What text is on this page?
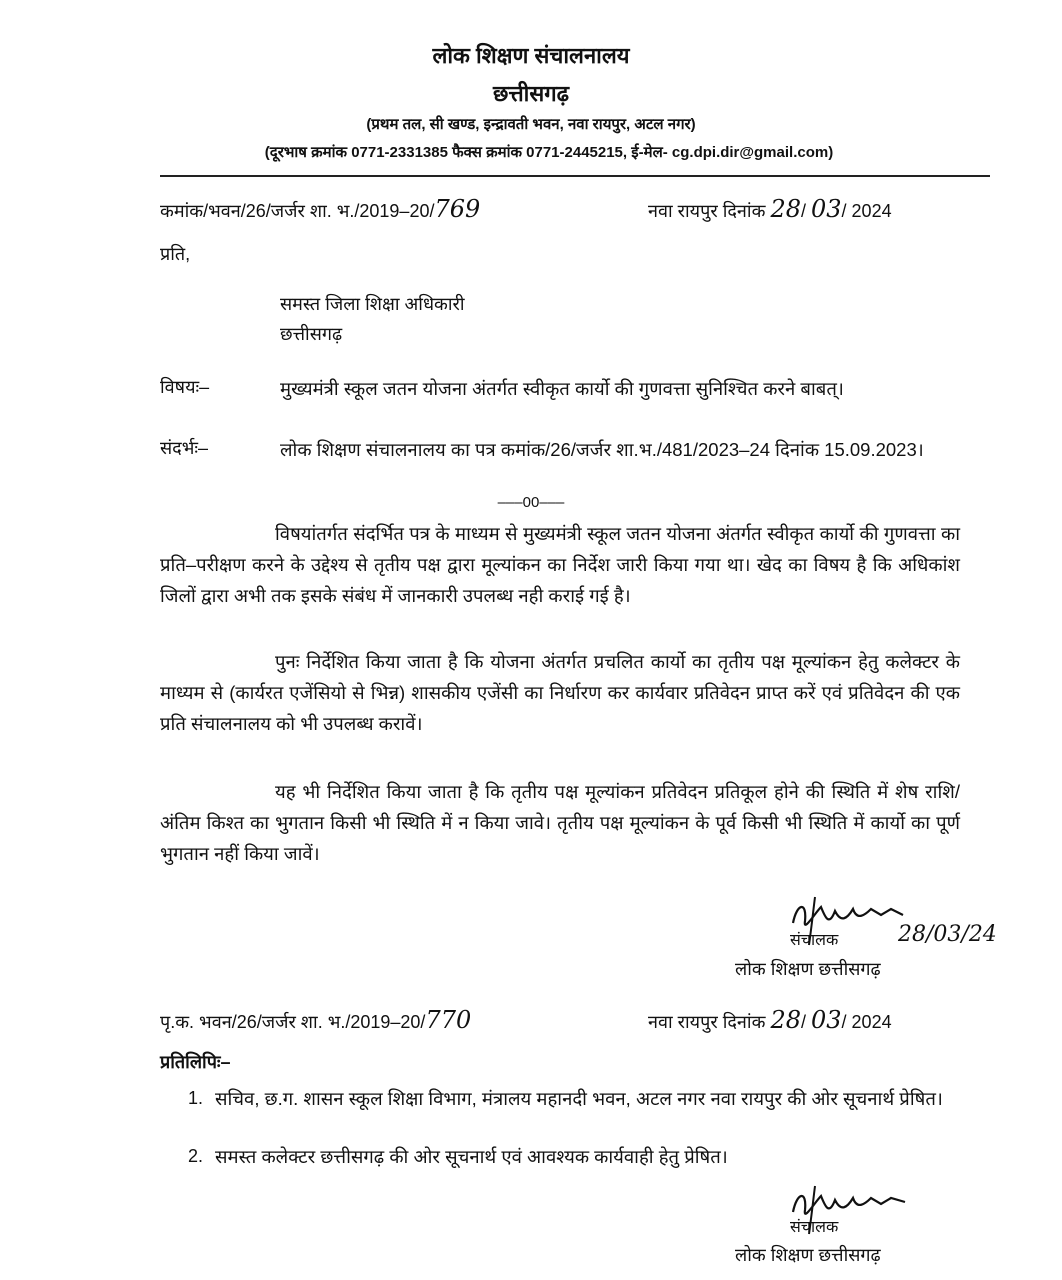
लोक शिक्षण संचालनालय
छत्तीसगढ़
(प्रथम तल, सी खण्ड, इन्द्रावती भवन, नवा रायपुर, अटल नगर)
(दूरभाष क्रमांक 0771-2331385 फैक्स क्रमांक 0771-2445215, ई-मेल- cg.dpi.dir@gmail.com)
कमांक/भवन/26/जर्जर शा. भ./2019–20/769	नवा रायपुर दिनांक 28/ 03/ 2024
प्रति,
समस्त जिला शिक्षा अधिकारी
छत्तीसगढ़
विषयः–	मुख्यमंत्री स्कूल जतन योजना अंतर्गत स्वीकृत कार्यो की गुणवत्ता सुनिश्चित करने बाबत्।
संदर्भः–	लोक शिक्षण संचालनालय का पत्र कमांक/26/जर्जर शा.भ./481/2023–24 दिनांक 15.09.2023।
–––00–––
विषयांतर्गत संदर्भित पत्र के माध्यम से मुख्यमंत्री स्कूल जतन योजना अंतर्गत स्वीकृत कार्यो की गुणवत्ता का प्रति–परीक्षण करने के उद्देश्य से तृतीय पक्ष द्वारा मूल्यांकन का निर्देश जारी किया गया था। खेद का विषय है कि अधिकांश जिलों द्वारा अभी तक इसके संबंध में जानकारी उपलब्ध नही कराई गई है।
पुनः निर्देशित किया जाता है कि योजना अंतर्गत प्रचलित कार्यो का तृतीय पक्ष मूल्यांकन हेतु कलेक्टर के माध्यम से (कार्यरत एजेंसियो से भिन्न) शासकीय एजेंसी का निर्धारण कर कार्यवार प्रतिवेदन प्राप्त करें एवं प्रतिवेदन की एक प्रति संचालनालय को भी उपलब्ध करावें।
यह भी निर्देशित किया जाता है कि तृतीय पक्ष मूल्यांकन प्रतिवेदन प्रतिकूल होने की स्थिति में शेष राशि/अंतिम किश्त का भुगतान किसी भी स्थिति में न किया जावे। तृतीय पक्ष मूल्यांकन के पूर्व किसी भी स्थिति में कार्यो का पूर्ण भुगतान नहीं किया जावें।
संचालक	28/03/24
लोक शिक्षण छत्तीसगढ़
पृ.क. भवन/26/जर्जर शा. भ./2019–20/770	नवा रायपुर दिनांक 28/ 03/ 2024
प्रतिलिपिः–
1. सचिव, छ.ग. शासन स्कूल शिक्षा विभाग, मंत्रालय महानदी भवन, अटल नगर नवा रायपुर की ओर सूचनार्थ प्रेषित।
2. समस्त कलेक्टर छत्तीसगढ़ की ओर सूचनार्थ एवं आवश्यक कार्यवाही हेतु प्रेषित।
संचालक
लोक शिक्षण छत्तीसगढ़
